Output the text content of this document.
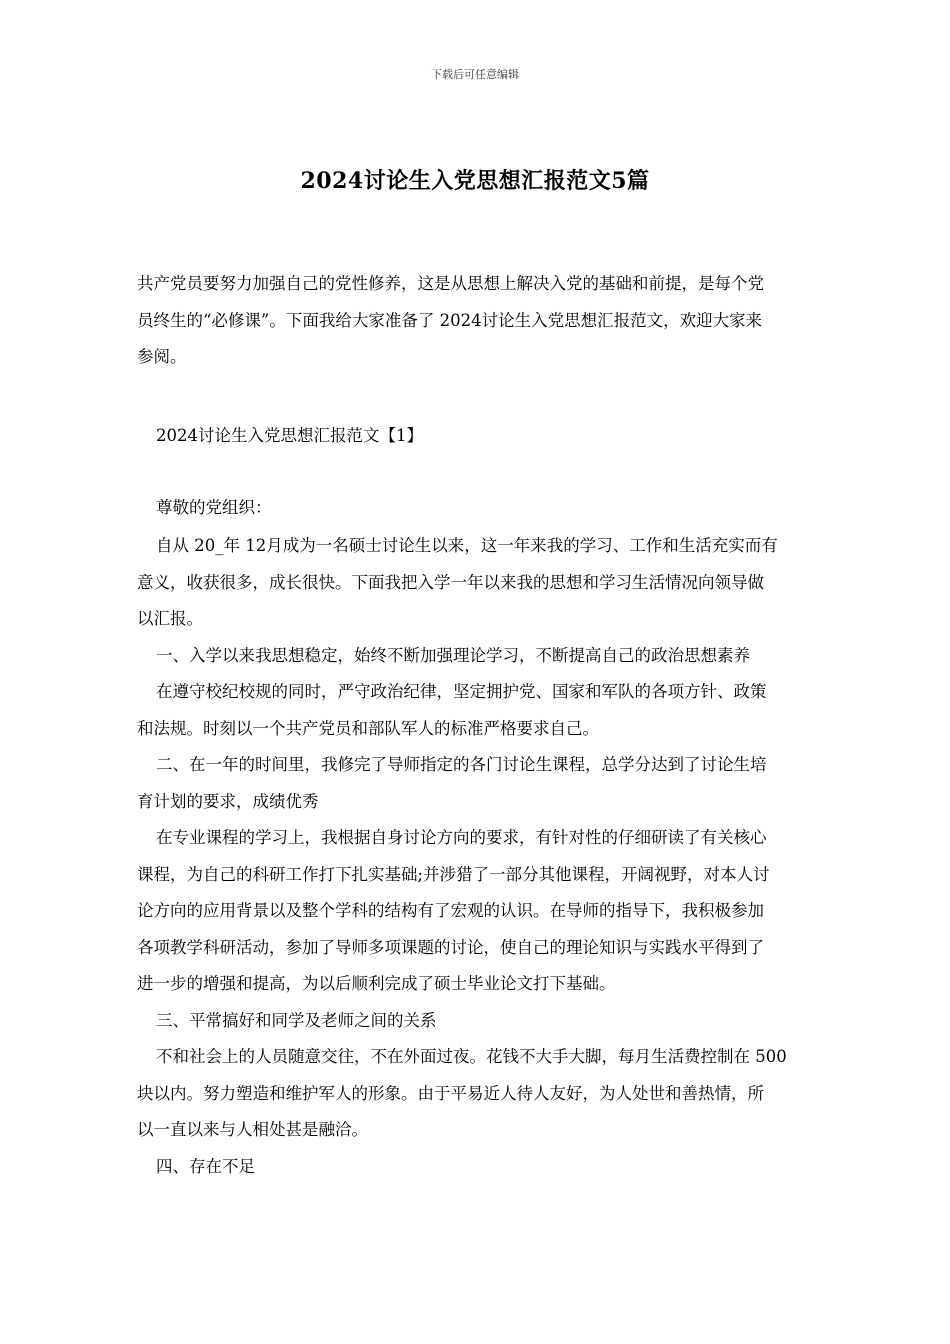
下载后可任意编辑
2024讨论生入党思想汇报范文5篇
共产党员要努力加强自己的党性修养，这是从思想上解决入党的基础和前提，是每个党
员终生的“必修课”。下面我给大家准备了 2024讨论生入党思想汇报范文，欢迎大家来
参阅。
2024讨论生入党思想汇报范文【1】
尊敬的党组织：
自从 20_年 12月成为一名硕士讨论生以来，这一年来我的学习、工作和生活充实而有
意义，收获很多，成长很快。下面我把入学一年以来我的思想和学习生活情况向领导做
以汇报。
一、入学以来我思想稳定，始终不断加强理论学习，不断提高自己的政治思想素养
在遵守校纪校规的同时，严守政治纪律，坚定拥护党、国家和军队的各项方针、政策
和法规。时刻以一个共产党员和部队军人的标准严格要求自己。
二、在一年的时间里，我修完了导师指定的各门讨论生课程，总学分达到了讨论生培
育计划的要求，成绩优秀
在专业课程的学习上，我根据自身讨论方向的要求，有针对性的仔细研读了有关核心
课程，为自己的科研工作打下扎实基础;并涉猎了一部分其他课程，开阔视野，对本人讨
论方向的应用背景以及整个学科的结构有了宏观的认识。在导师的指导下，我积极参加
各项教学科研活动，参加了导师多项课题的讨论，使自己的理论知识与实践水平得到了
进一步的增强和提高，为以后顺利完成了硕士毕业论文打下基础。
三、平常搞好和同学及老师之间的关系
不和社会上的人员随意交往，不在外面过夜。花钱不大手大脚，每月生活费控制在 500
块以内。努力塑造和维护军人的形象。由于平易近人待人友好，为人处世和善热情，所
以一直以来与人相处甚是融洽。
四、存在不足
